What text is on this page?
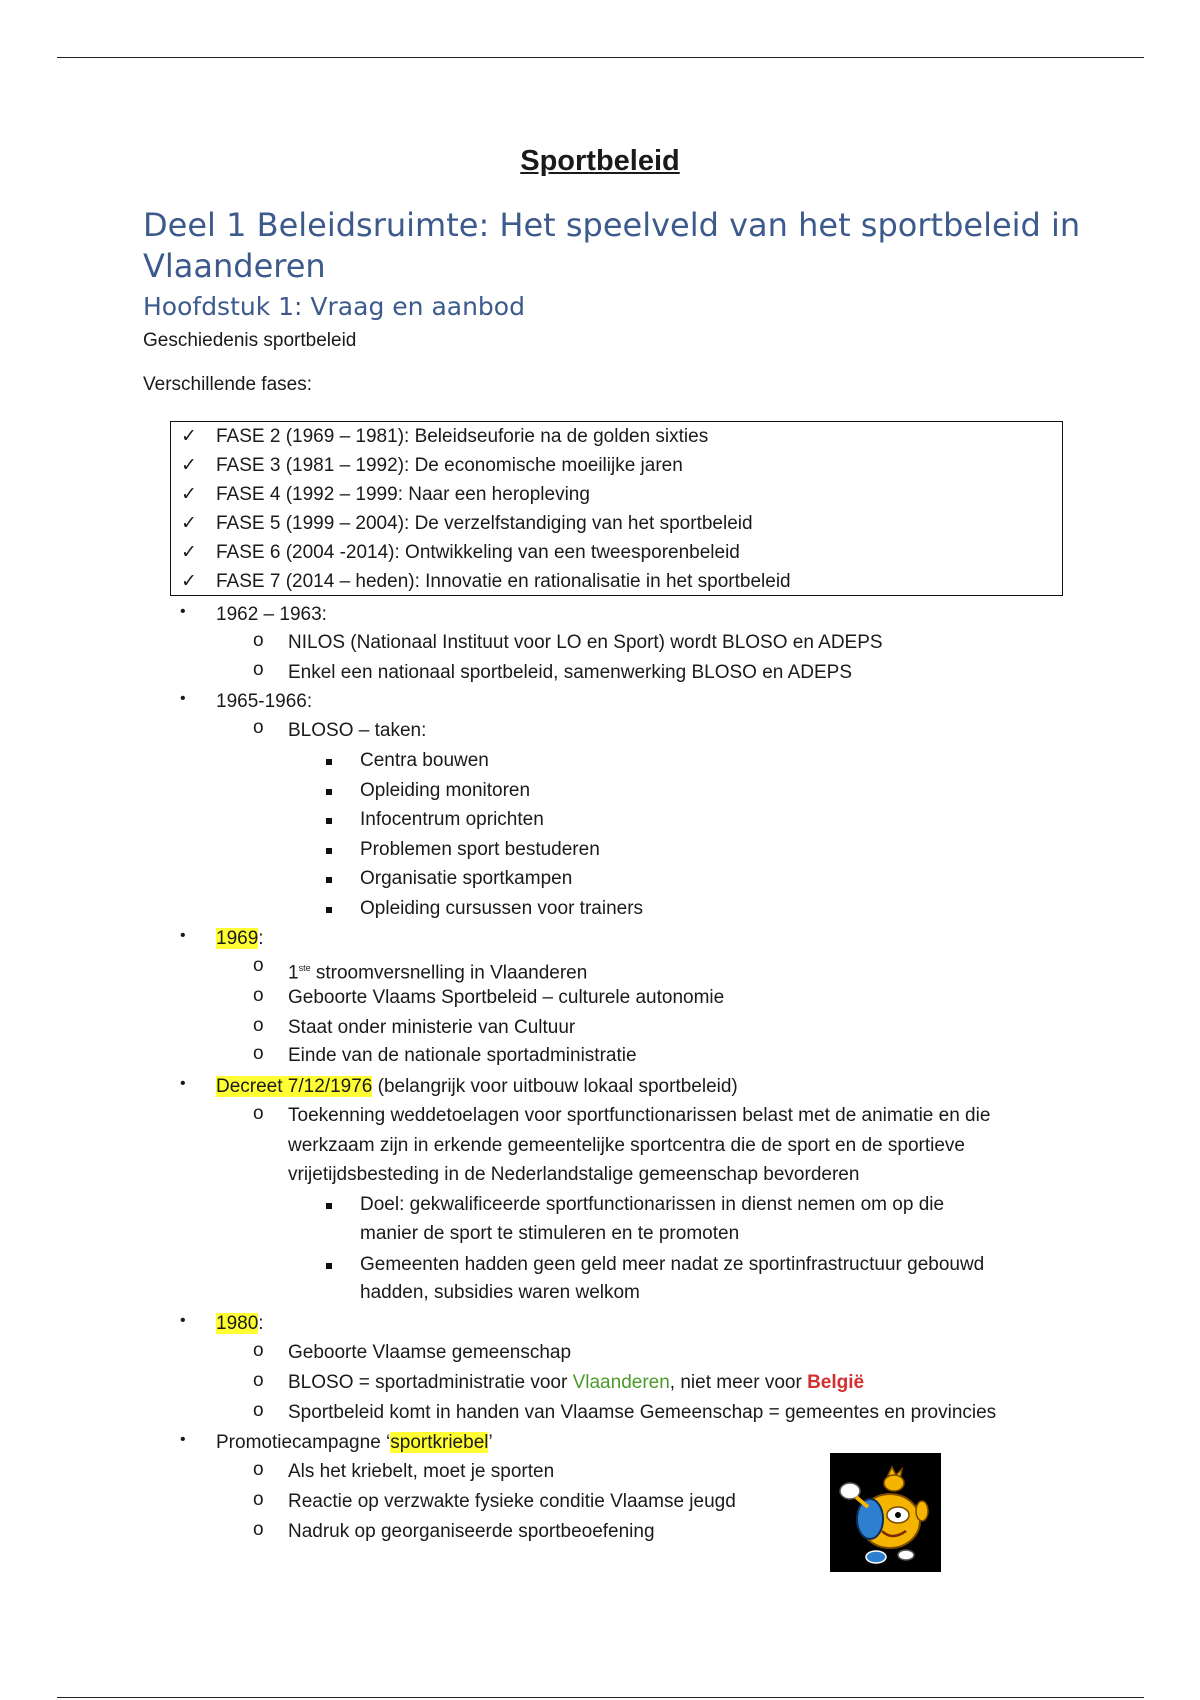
Sportbeleid
Deel 1 Beleidsruimte: Het speelveld van het sportbeleid in Vlaanderen
Hoofdstuk 1: Vraag en aanbod

Geschiedenis sportbeleid

Verschillende fases:

✓ FASE 2 (1969 – 1981): Beleidseuforie na de golden sixties
✓ FASE 3 (1981 – 1992): De economische moeilijke jaren
✓ FASE 4 (1992 – 1999: Naar een heropleving
✓ FASE 5 (1999 – 2004): De verzelfstandiging van het sportbeleid
✓ FASE 6 (2004 -2014): Ontwikkeling van een tweesporenbeleid
✓ FASE 7 (2014 – heden): Innovatie en rationalisatie in het sportbeleid
• 1962 – 1963:
o NILOS (Nationaal Instituut voor LO en Sport) wordt BLOSO en ADEPS
o Enkel een nationaal sportbeleid, samenwerking BLOSO en ADEPS
• 1965-1966:
o BLOSO – taken:
Centra bouwen
Opleiding monitoren
Infocentrum oprichten
Problemen sport bestuderen
Organisatie sportkampen
Opleiding cursussen voor trainers
• 1969:
o 1ste stroomversnelling in Vlaanderen
o Geboorte Vlaams Sportbeleid – culturele autonomie
o Staat onder ministerie van Cultuur
o Einde van de nationale sportadministratie
• Decreet 7/12/1976 (belangrijk voor uitbouw lokaal sportbeleid)
o Toekenning weddetoelagen voor sportfunctionarissen belast met de animatie en die
werkzaam zijn in erkende gemeentelijke sportcentra die de sport en de sportieve
vrijetijdsbesteding in de Nederlandstalige gemeenschap bevorderen
Doel: gekwalificeerde sportfunctionarissen in dienst nemen om op die
manier de sport te stimuleren en te promoten
Gemeenten hadden geen geld meer nadat ze sportinfrastructuur gebouwd
hadden, subsidies waren welkom
• 1980:
o Geboorte Vlaamse gemeenschap
o BLOSO = sportadministratie voor Vlaanderen, niet meer voor België
o Sportbeleid komt in handen van Vlaamse Gemeenschap = gemeentes en provincies
• Promotiecampagne ‘sportkriebel’
o Als het kriebelt, moet je sporten
o Reactie op verzwakte fysieke conditie Vlaamse jeugd
o Nadruk op georganiseerde sportbeoefening
